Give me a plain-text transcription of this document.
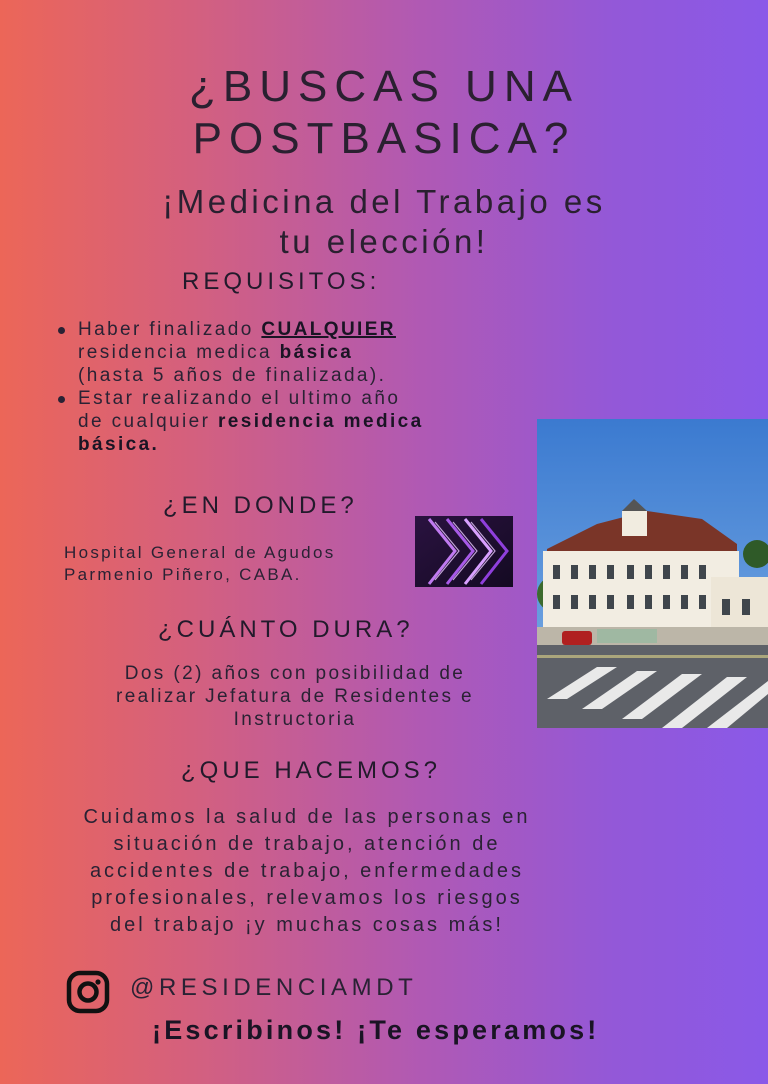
¿BUSCAS UNA
POSTBASICA?
¡Medicina del Trabajo es
tu elección!
REQUISITOS:
Haber finalizado CUALQUIER
residencia medica básica
(hasta 5 años de finalizada).
Estar realizando el ultimo año
de cualquier residencia medica
básica.
¿EN DONDE?
Hospital General de Agudos
Parmenio Piñero, CABA.
¿CUÁNTO DURA?
Dos (2) años con posibilidad de
realizar Jefatura de Residentes e
Instructoria
¿QUE HACEMOS?
Cuidamos la salud de las personas en
situación de trabajo, atención de
accidentes de trabajo, enfermedades
profesionales, relevamos los riesgos
del trabajo ¡y muchas cosas más!
@RESIDENCIAMDT
¡Escribinos! ¡Te esperamos!
